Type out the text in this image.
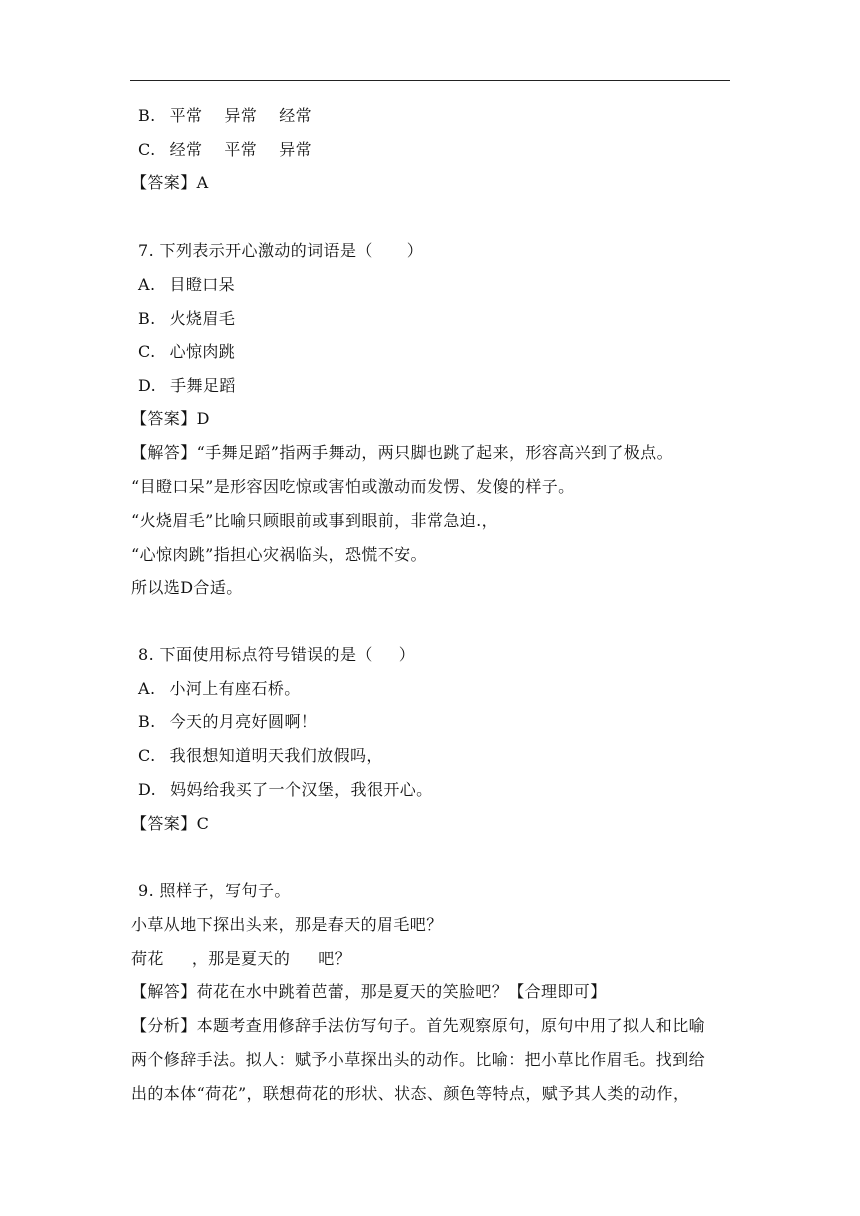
B. 平常 异常 经常
C. 经常 平常 异常
【答案】A
7. 下列表示开心激动的词语是（ ）
A. 目瞪口呆
B. 火烧眉毛
C. 心惊肉跳
D. 手舞足蹈
【答案】D
【解答】“手舞足蹈”指两手舞动，两只脚也跳了起来，形容高兴到了极点。
“目瞪口呆”是形容因吃惊或害怕或激动而发愣、发傻的样子。
“火烧眉毛”比喻只顾眼前或事到眼前，非常急迫.，
“心惊肉跳”指担心灾祸临头，恐慌不安。
所以选D合适。
8. 下面使用标点符号错误的是（ ）
A. 小河上有座石桥。
B. 今天的月亮好圆啊！
C. 我很想知道明天我们放假吗，
D. 妈妈给我买了一个汉堡，我很开心。
【答案】C
9. 照样子，写句子。
小草从地下探出头来，那是春天的眉毛吧？
荷花 ，那是夏天的 吧？
【解答】荷花在水中跳着芭蕾，那是夏天的笑脸吧？【合理即可】
【分析】本题考查用修辞手法仿写句子。首先观察原句，原句中用了拟人和比喻
两个修辞手法。拟人：赋予小草探出头的动作。比喻：把小草比作眉毛。找到给
出的本体“荷花”，联想荷花的形状、状态、颜色等特点，赋予其人类的动作，
